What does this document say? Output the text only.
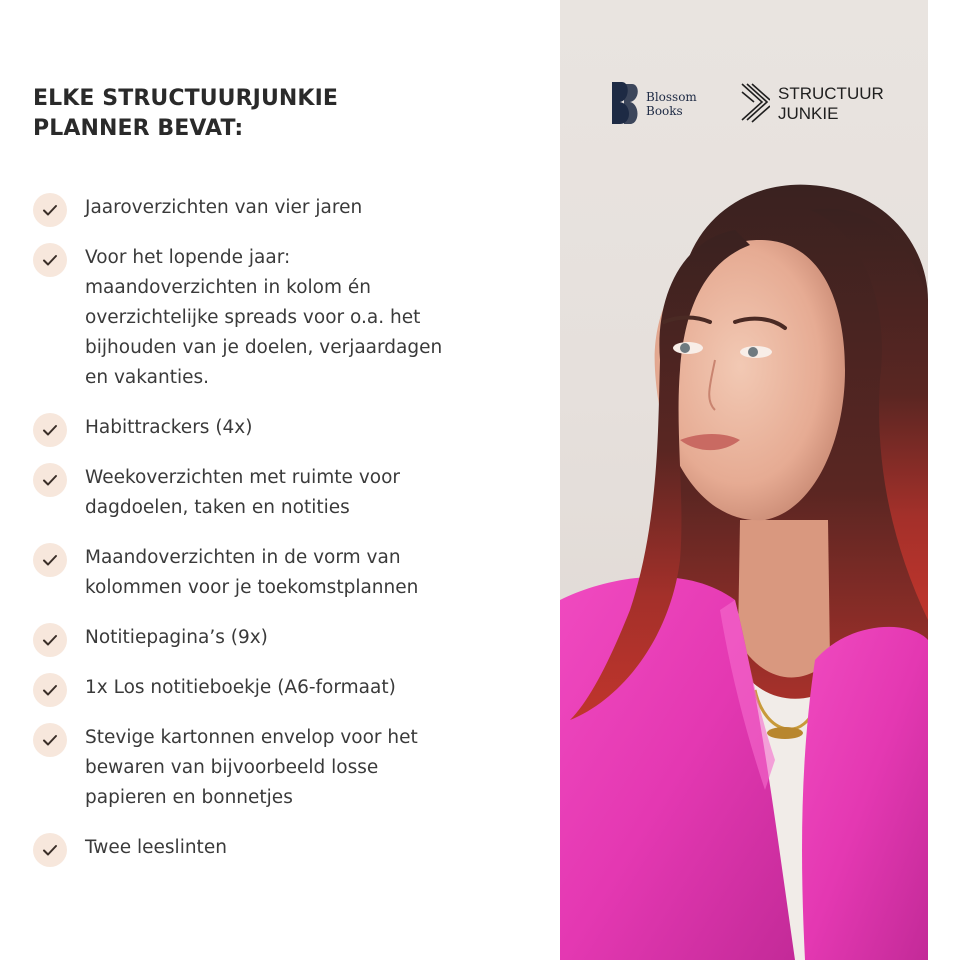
ELKE STRUCTUURJUNKIE
PLANNER BEVAT:
Jaaroverzichten van vier jaren
Voor het lopende jaar:
maandoverzichten in kolom én
overzichtelijke spreads voor o.a. het
bijhouden van je doelen, verjaardagen
en vakanties.
Habittrackers (4x)
Weekoverzichten met ruimte voor
dagdoelen, taken en notities
Maandoverzichten in de vorm van
kolommen voor je toekomstplannen
Notitiepagina’s (9x)
1x Los notitieboekje (A6-formaat)
Stevige kartonnen envelop voor het
bewaren van bijvoorbeeld losse
papieren en bonnetjes
Twee leeslinten
Blossom
Books
STRUCTUUR
JUNKIE
